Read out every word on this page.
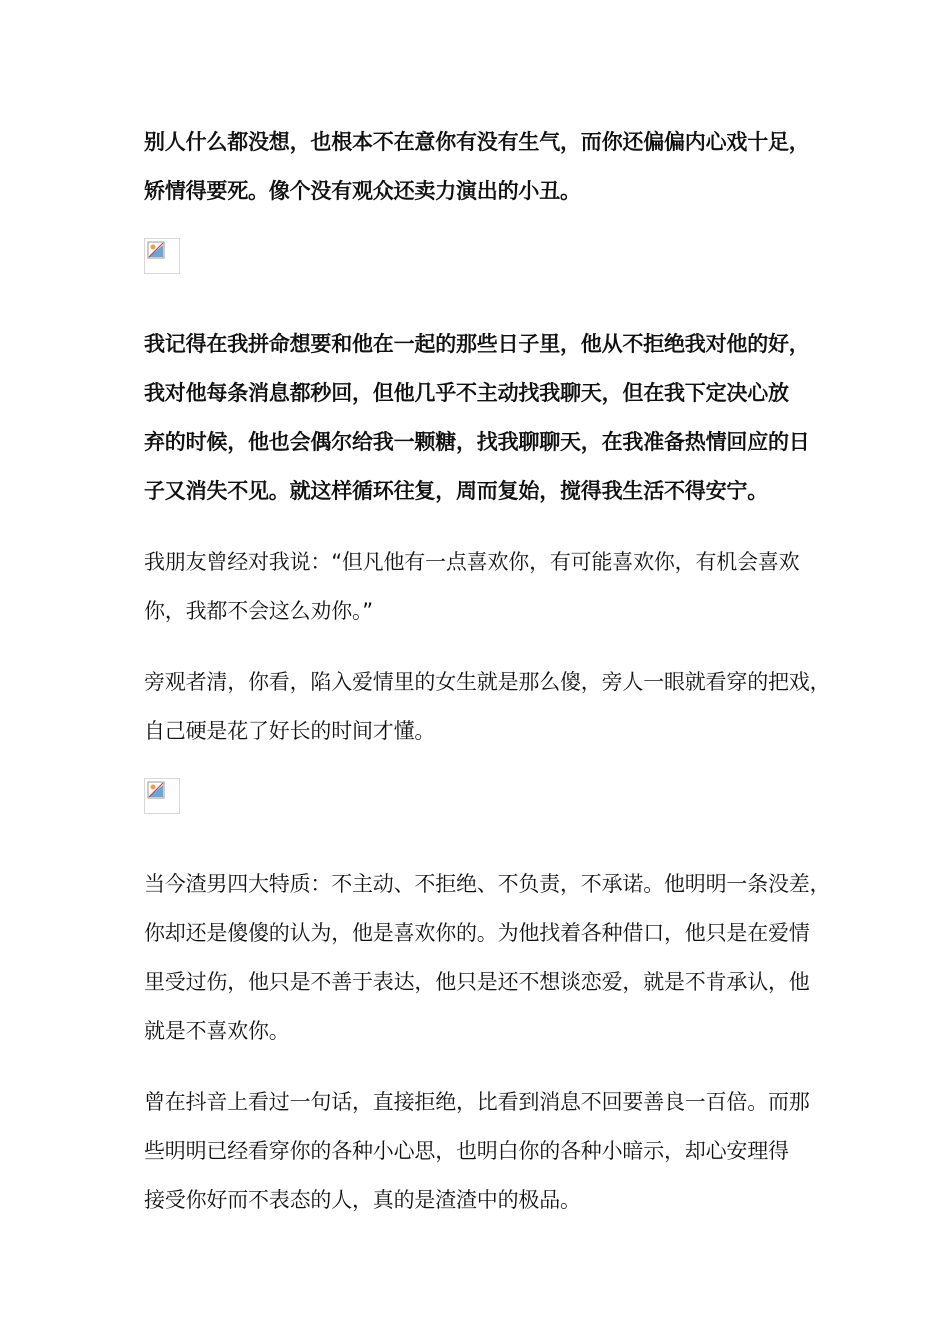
别人什么都没想，也根本不在意你有没有生气，而你还偏偏内心戏十足，
矫情得要死。像个没有观众还卖力演出的小丑。
我记得在我拼命想要和他在一起的那些日子里，他从不拒绝我对他的好，
我对他每条消息都秒回，但他几乎不主动找我聊天，但在我下定决心放
弃的时候，他也会偶尔给我一颗糖，找我聊聊天，在我准备热情回应的日
子又消失不见。就这样循环往复，周而复始，搅得我生活不得安宁。
我朋友曾经对我说：“但凡他有一点喜欢你，有可能喜欢你，有机会喜欢
你，我都不会这么劝你。”
旁观者清，你看，陷入爱情里的女生就是那么傻，旁人一眼就看穿的把戏，
自己硬是花了好长的时间才懂。
当今渣男四大特质：不主动、不拒绝、不负责，不承诺。他明明一条没差，
你却还是傻傻的认为，他是喜欢你的。为他找着各种借口，他只是在爱情
里受过伤，他只是不善于表达，他只是还不想谈恋爱，就是不肯承认，他
就是不喜欢你。
曾在抖音上看过一句话，直接拒绝，比看到消息不回要善良一百倍。而那
些明明已经看穿你的各种小心思，也明白你的各种小暗示，却心安理得
接受你好而不表态的人，真的是渣渣中的极品。
